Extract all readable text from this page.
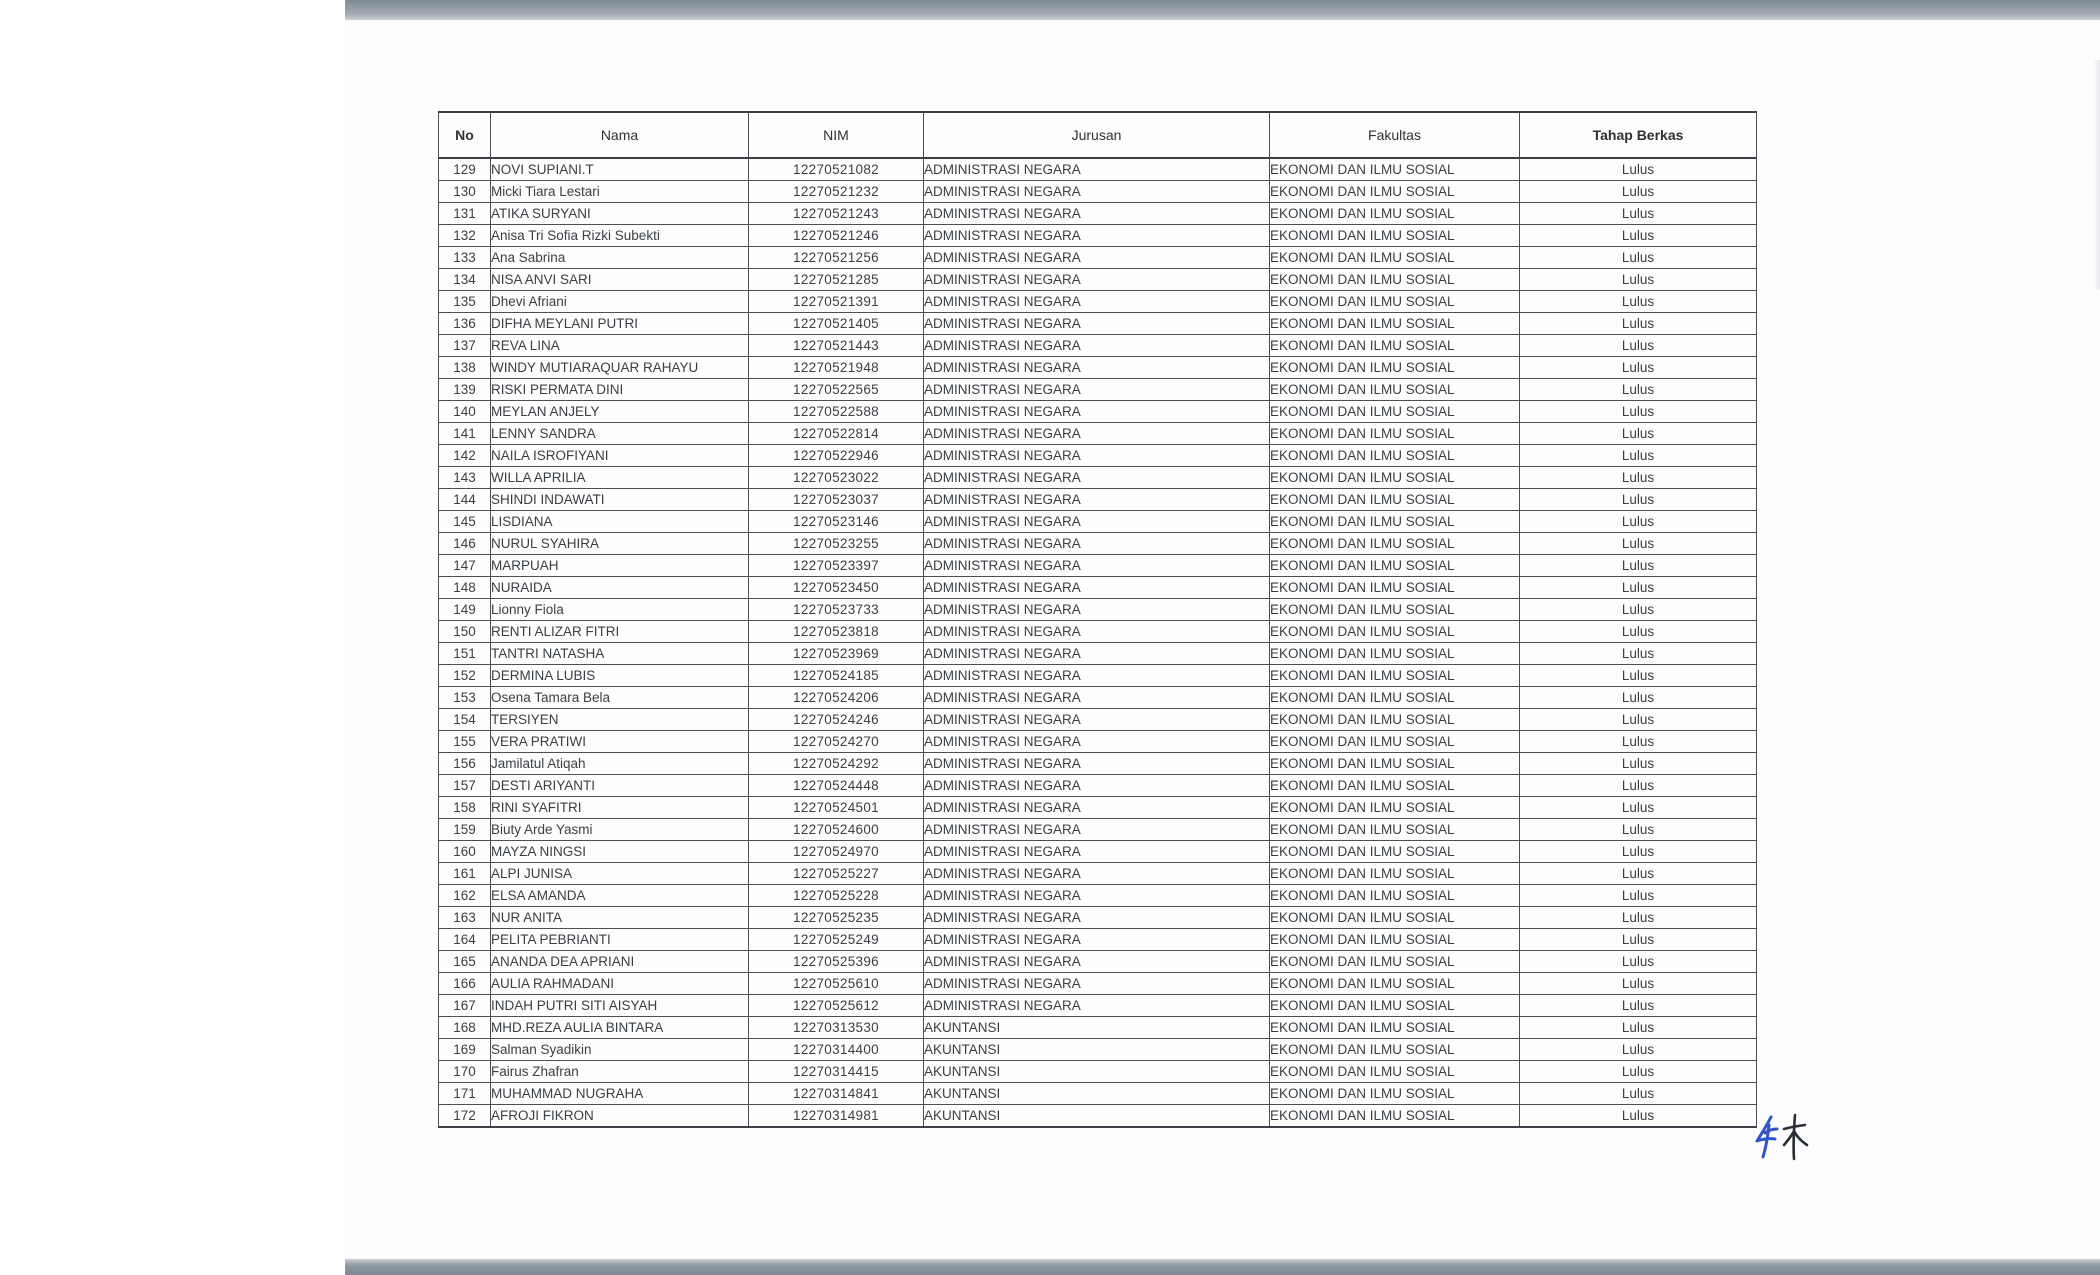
No	Nama	NIM	Jurusan	Fakultas	Tahap Berkas
129	NOVI SUPIANI.T	12270521082	ADMINISTRASI NEGARA	EKONOMI DAN ILMU SOSIAL	Lulus
130	Micki Tiara Lestari	12270521232	ADMINISTRASI NEGARA	EKONOMI DAN ILMU SOSIAL	Lulus
131	ATIKA SURYANI	12270521243	ADMINISTRASI NEGARA	EKONOMI DAN ILMU SOSIAL	Lulus
132	Anisa Tri Sofia Rizki Subekti	12270521246	ADMINISTRASI NEGARA	EKONOMI DAN ILMU SOSIAL	Lulus
133	Ana Sabrina	12270521256	ADMINISTRASI NEGARA	EKONOMI DAN ILMU SOSIAL	Lulus
134	NISA ANVI SARI	12270521285	ADMINISTRASI NEGARA	EKONOMI DAN ILMU SOSIAL	Lulus
135	Dhevi Afriani	12270521391	ADMINISTRASI NEGARA	EKONOMI DAN ILMU SOSIAL	Lulus
136	DIFHA MEYLANI PUTRI	12270521405	ADMINISTRASI NEGARA	EKONOMI DAN ILMU SOSIAL	Lulus
137	REVA LINA	12270521443	ADMINISTRASI NEGARA	EKONOMI DAN ILMU SOSIAL	Lulus
138	WINDY MUTIARAQUAR RAHAYU	12270521948	ADMINISTRASI NEGARA	EKONOMI DAN ILMU SOSIAL	Lulus
139	RISKI PERMATA DINI	12270522565	ADMINISTRASI NEGARA	EKONOMI DAN ILMU SOSIAL	Lulus
140	MEYLAN ANJELY	12270522588	ADMINISTRASI NEGARA	EKONOMI DAN ILMU SOSIAL	Lulus
141	LENNY SANDRA	12270522814	ADMINISTRASI NEGARA	EKONOMI DAN ILMU SOSIAL	Lulus
142	NAILA ISROFIYANI	12270522946	ADMINISTRASI NEGARA	EKONOMI DAN ILMU SOSIAL	Lulus
143	WILLA APRILIA	12270523022	ADMINISTRASI NEGARA	EKONOMI DAN ILMU SOSIAL	Lulus
144	SHINDI INDAWATI	12270523037	ADMINISTRASI NEGARA	EKONOMI DAN ILMU SOSIAL	Lulus
145	LISDIANA	12270523146	ADMINISTRASI NEGARA	EKONOMI DAN ILMU SOSIAL	Lulus
146	NURUL SYAHIRA	12270523255	ADMINISTRASI NEGARA	EKONOMI DAN ILMU SOSIAL	Lulus
147	MARPUAH	12270523397	ADMINISTRASI NEGARA	EKONOMI DAN ILMU SOSIAL	Lulus
148	NURAIDA	12270523450	ADMINISTRASI NEGARA	EKONOMI DAN ILMU SOSIAL	Lulus
149	Lionny Fiola	12270523733	ADMINISTRASI NEGARA	EKONOMI DAN ILMU SOSIAL	Lulus
150	RENTI ALIZAR FITRI	12270523818	ADMINISTRASI NEGARA	EKONOMI DAN ILMU SOSIAL	Lulus
151	TANTRI NATASHA	12270523969	ADMINISTRASI NEGARA	EKONOMI DAN ILMU SOSIAL	Lulus
152	DERMINA LUBIS	12270524185	ADMINISTRASI NEGARA	EKONOMI DAN ILMU SOSIAL	Lulus
153	Osena Tamara Bela	12270524206	ADMINISTRASI NEGARA	EKONOMI DAN ILMU SOSIAL	Lulus
154	TERSIYEN	12270524246	ADMINISTRASI NEGARA	EKONOMI DAN ILMU SOSIAL	Lulus
155	VERA PRATIWI	12270524270	ADMINISTRASI NEGARA	EKONOMI DAN ILMU SOSIAL	Lulus
156	Jamilatul Atiqah	12270524292	ADMINISTRASI NEGARA	EKONOMI DAN ILMU SOSIAL	Lulus
157	DESTI ARIYANTI	12270524448	ADMINISTRASI NEGARA	EKONOMI DAN ILMU SOSIAL	Lulus
158	RINI SYAFITRI	12270524501	ADMINISTRASI NEGARA	EKONOMI DAN ILMU SOSIAL	Lulus
159	Biuty Arde Yasmi	12270524600	ADMINISTRASI NEGARA	EKONOMI DAN ILMU SOSIAL	Lulus
160	MAYZA NINGSI	12270524970	ADMINISTRASI NEGARA	EKONOMI DAN ILMU SOSIAL	Lulus
161	ALPI JUNISA	12270525227	ADMINISTRASI NEGARA	EKONOMI DAN ILMU SOSIAL	Lulus
162	ELSA AMANDA	12270525228	ADMINISTRASI NEGARA	EKONOMI DAN ILMU SOSIAL	Lulus
163	NUR ANITA	12270525235	ADMINISTRASI NEGARA	EKONOMI DAN ILMU SOSIAL	Lulus
164	PELITA PEBRIANTI	12270525249	ADMINISTRASI NEGARA	EKONOMI DAN ILMU SOSIAL	Lulus
165	ANANDA DEA APRIANI	12270525396	ADMINISTRASI NEGARA	EKONOMI DAN ILMU SOSIAL	Lulus
166	AULIA RAHMADANI	12270525610	ADMINISTRASI NEGARA	EKONOMI DAN ILMU SOSIAL	Lulus
167	INDAH PUTRI SITI AISYAH	12270525612	ADMINISTRASI NEGARA	EKONOMI DAN ILMU SOSIAL	Lulus
168	MHD.REZA AULIA BINTARA	12270313530	AKUNTANSI	EKONOMI DAN ILMU SOSIAL	Lulus
169	Salman Syadikin	12270314400	AKUNTANSI	EKONOMI DAN ILMU SOSIAL	Lulus
170	Fairus Zhafran	12270314415	AKUNTANSI	EKONOMI DAN ILMU SOSIAL	Lulus
171	MUHAMMAD NUGRAHA	12270314841	AKUNTANSI	EKONOMI DAN ILMU SOSIAL	Lulus
172	AFROJI FIKRON	12270314981	AKUNTANSI	EKONOMI DAN ILMU SOSIAL	Lulus
